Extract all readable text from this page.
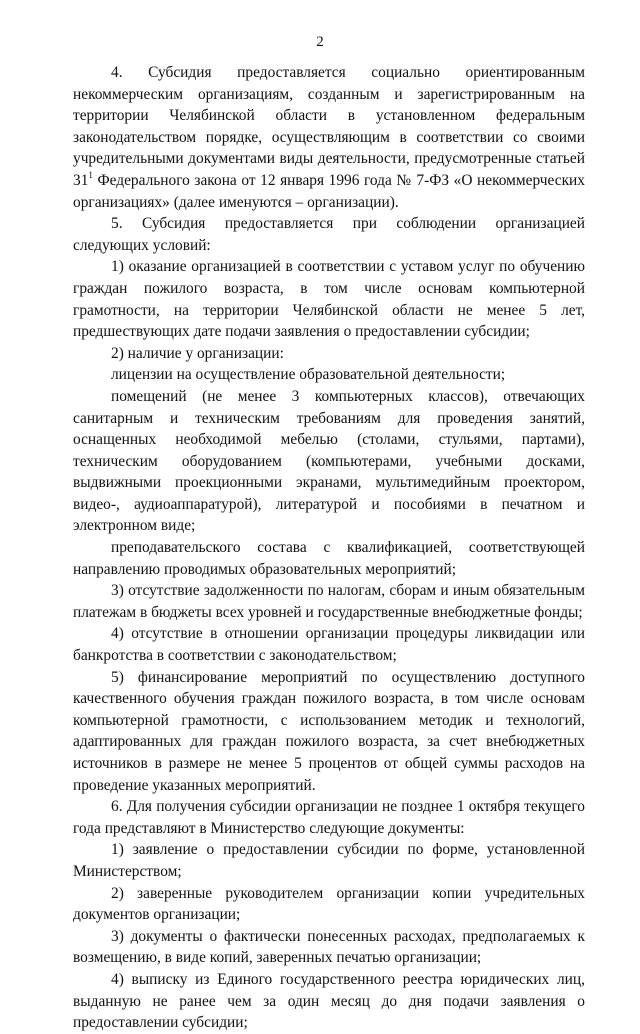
2

4. Субсидия предоставляется социально ориентированным некоммерческим организациям, созданным и зарегистрированным на территории Челябинской области в установленном федеральным законодательством порядке, осуществляющим в соответствии со своими учредительными документами виды деятельности, предусмотренные статьей $31^1$ Федерального закона от 12 января 1996 года № 7-ФЗ «О некоммерческих организациях» (далее именуются – организации).

5. Субсидия предоставляется при соблюдении организацией следующих условий:

1) оказание организацией в соответствии с уставом услуг по обучению граждан пожилого возраста, в том числе основам компьютерной грамотности, на территории Челябинской области не менее 5 лет, предшествующих дате подачи заявления о предоставлении субсидии;

2) наличие у организации:

лицензии на осуществление образовательной деятельности;

помещений (не менее 3 компьютерных классов), отвечающих санитарным и техническим требованиям для проведения занятий, оснащенных необходимой мебелью (столами, стульями, партами), техническим оборудованием (компьютерами, учебными досками, выдвижными проекционными экранами, мультимедийным проектором, видео-, аудиоаппаратурой), литературой и пособиями в печатном и электронном виде;

преподавательского состава с квалификацией, соответствующей направлению проводимых образовательных мероприятий;

3) отсутствие задолженности по налогам, сборам и иным обязательным платежам в бюджеты всех уровней и государственные внебюджетные фонды;

4) отсутствие в отношении организации процедуры ликвидации или банкротства в соответствии с законодательством;

5) финансирование мероприятий по осуществлению доступного качественного обучения граждан пожилого возраста, в том числе основам компьютерной грамотности, с использованием методик и технологий, адаптированных для граждан пожилого возраста, за счет внебюджетных источников в размере не менее 5 процентов от общей суммы расходов на проведение указанных мероприятий.

6. Для получения субсидии организации не позднее 1 октября текущего года представляют в Министерство следующие документы:

1) заявление о предоставлении субсидии по форме, установленной Министерством;

2) заверенные руководителем организации копии учредительных документов организации;

3) документы о фактически понесенных расходах, предполагаемых к возмещению, в виде копий, заверенных печатью организации;

4) выписку из Единого государственного реестра юридических лиц, выданную не ранее чем за один месяц до дня подачи заявления о предоставлении субсидии;
